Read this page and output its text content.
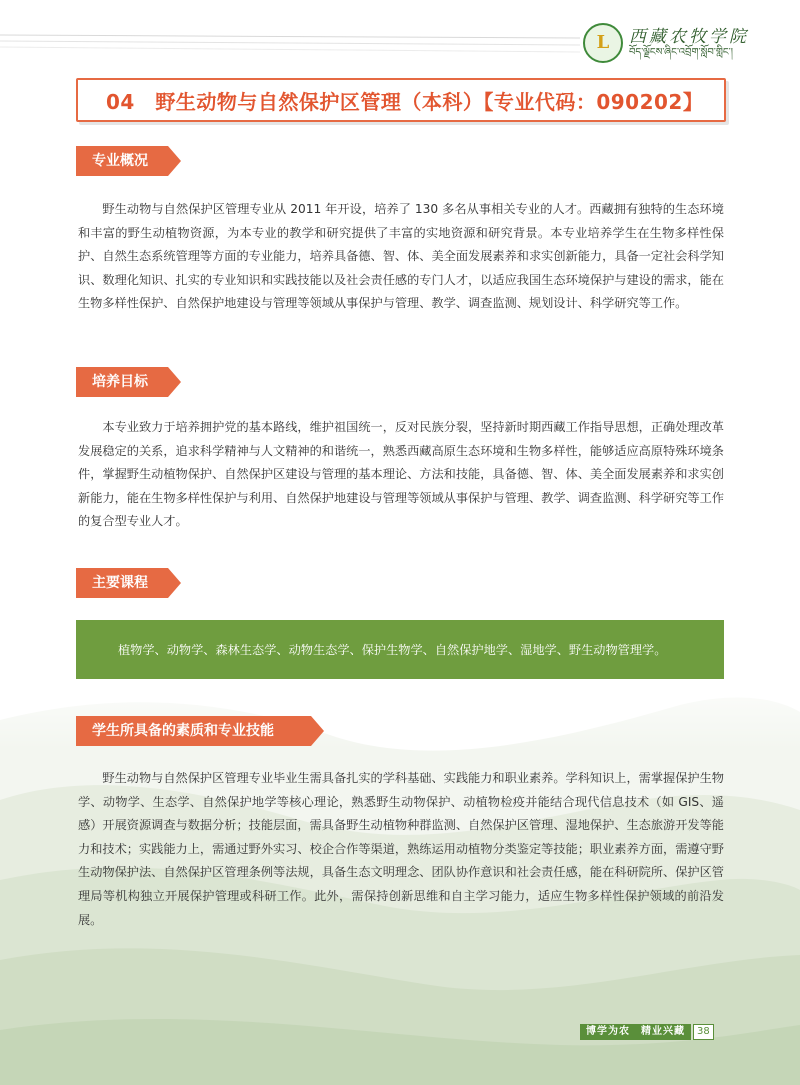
L	西藏农牧学院
བོད་ལྗོངས་ཞིང་འབྲོག་སློབ་གླིང་།
04　野生动物与自然保护区管理（本科）【专业代码：090202】
专业概况

野生动物与自然保护区管理专业从 2011 年开设，培养了 130 多名从事相关专业的人才。西藏拥有独特的生态环境和丰富的野生动植物资源，为本专业的教学和研究提供了丰富的实地资源和研究背景。本专业培养学生在生物多样性保护、自然生态系统管理等方面的专业能力，培养具备德、智、体、美全面发展素养和求实创新能力，具备一定社会科学知识、数理化知识、扎实的专业知识和实践技能以及社会责任感的专门人才，以适应我国生态环境保护与建设的需求，能在生物多样性保护、自然保护地建设与管理等领域从事保护与管理、教学、调查监测、规划设计、科学研究等工作。

培养目标

本专业致力于培养拥护党的基本路线，维护祖国统一，反对民族分裂，坚持新时期西藏工作指导思想，正确处理改革发展稳定的关系，追求科学精神与人文精神的和谐统一，熟悉西藏高原生态环境和生物多样性，能够适应高原特殊环境条件，掌握野生动植物保护、自然保护区建设与管理的基本理论、方法和技能，具备德、智、体、美全面发展素养和求实创新能力，能在生物多样性保护与利用、自然保护地建设与管理等领域从事保护与管理、教学、调查监测、科学研究等工作的复合型专业人才。

主要课程
植物学、动物学、森林生态学、动物生态学、保护生物学、自然保护地学、湿地学、野生动物管理学。
学生所具备的素质和专业技能

野生动物与自然保护区管理专业毕业生需具备扎实的学科基础、实践能力和职业素养。学科知识上，需掌握保护生物学、动物学、生态学、自然保护地学等核心理论，熟悉野生动物保护、动植物检疫并能结合现代信息技术（如 GIS、遥感）开展资源调查与数据分析；技能层面，需具备野生动植物种群监测、自然保护区管理、湿地保护、生态旅游开发等能力和技术；实践能力上，需通过野外实习、校企合作等渠道，熟练运用动植物分类鉴定等技能；职业素养方面，需遵守野生动物保护法、自然保护区管理条例等法规，具备生态文明理念、团队协作意识和社会责任感，能在科研院所、保护区管理局等机构独立开展保护管理或科研工作。此外，需保持创新思维和自主学习能力，适应生物多样性保护领域的前沿发展。

博学为农　精业兴藏	38
